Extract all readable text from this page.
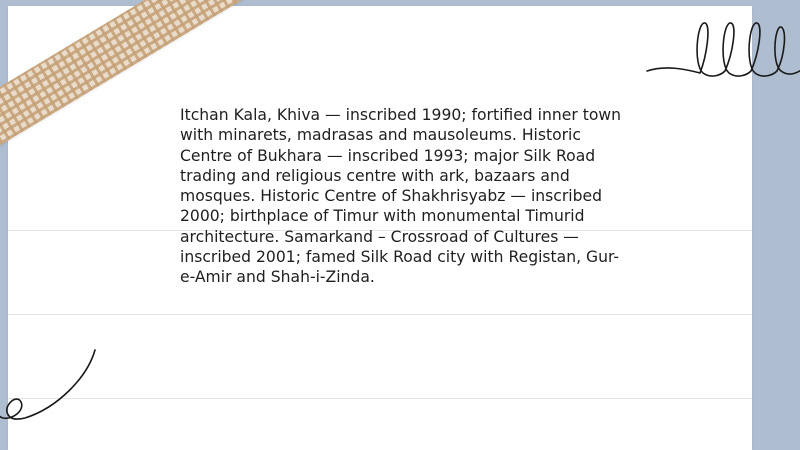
Itchan Kala, Khiva — inscribed 1990; fortified inner town with minarets, madrasas and mausoleums. Historic Centre of Bukhara — inscribed 1993; major Silk Road trading and religious centre with ark, bazaars and mosques. Historic Centre of Shakhrisyabz — inscribed 2000; birthplace of Timur with monumental Timurid architecture. Samarkand – Crossroad of Cultures — inscribed 2001; famed Silk Road city with Registan, Gur-e-Amir and Shah-i-Zinda.
